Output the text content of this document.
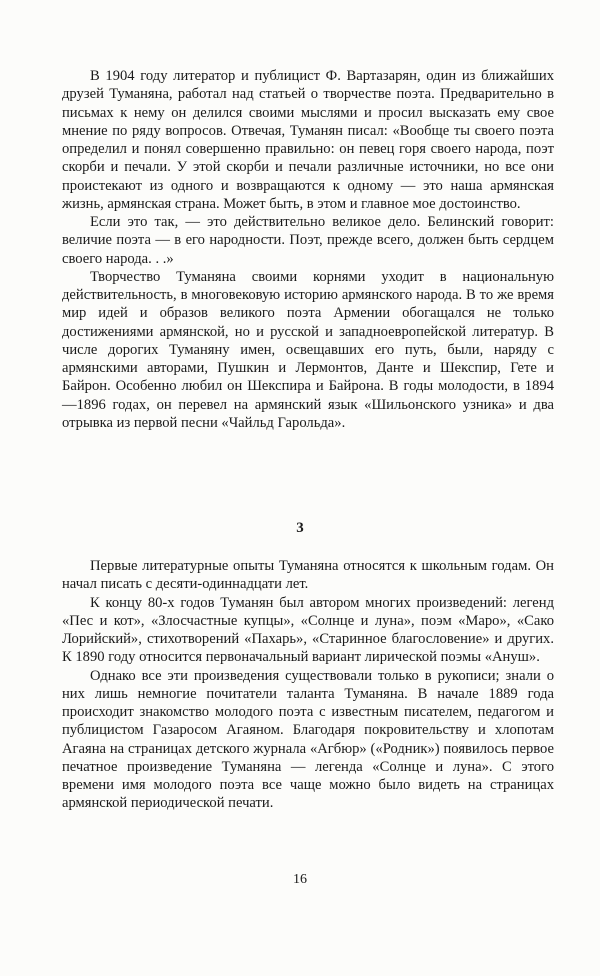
В 1904 году литератор и публицист Ф. Вартазарян, один из ближайших друзей Туманяна, работал над статьей о творчестве поэта. Предварительно в письмах к нему он делился своими мыслями и просил высказать ему свое мнение по ряду вопросов. Отвечая, Туманян писал: «Вообще ты своего поэта определил и понял совершенно правильно: он певец горя своего народа, поэт скорби и печали. У этой скорби и печали различные источники, но все они проистекают из одного и возвращаются к одному — это наша армянская жизнь, армянская страна. Может быть, в этом и главное мое достоинство.

Если это так, — это действительно великое дело. Белинский говорит: величие поэта — в его народности. Поэт, прежде всего, должен быть сердцем своего народа. . .»

Творчество Туманяна своими корнями уходит в национальную действительность, в многовековую историю армянского народа. В то же время мир идей и образов великого поэта Армении обогащался не только достижениями армянской, но и русской и западноевропейской литератур. В числе дорогих Туманяну имен, освещавших его путь, были, наряду с армянскими авторами, Пушкин и Лермонтов, Данте и Шекспир, Гете и Байрон. Особенно любил он Шекспира и Байрона. В годы молодости, в 1894—1896 годах, он перевел на армянский язык «Шильонского узника» и два отрывка из первой песни «Чайльд Гарольда».

3

Первые литературные опыты Туманяна относятся к школьным годам. Он начал писать с десяти-одиннадцати лет.

К концу 80-х годов Туманян был автором многих произведений: легенд «Пес и кот», «Злосчастные купцы», «Солнце и луна», поэм «Маро», «Сако Лорийский», стихотворений «Пахарь», «Старинное благословение» и других. К 1890 году относится первоначальный вариант лирической поэмы «Ануш».

Однако все эти произведения существовали только в рукописи; знали о них лишь немногие почитатели таланта Туманяна. В начале 1889 года происходит знакомство молодого поэта с известным писателем, педагогом и публицистом Газаросом Агаяном. Благодаря покровительству и хлопотам Агаяна на страницах детского журнала «Агбюр» («Родник») появилось первое печатное произведение Туманяна — легенда «Солнце и луна». С этого времени имя молодого поэта все чаще можно было видеть на страницах армянской периодической печати.

16
